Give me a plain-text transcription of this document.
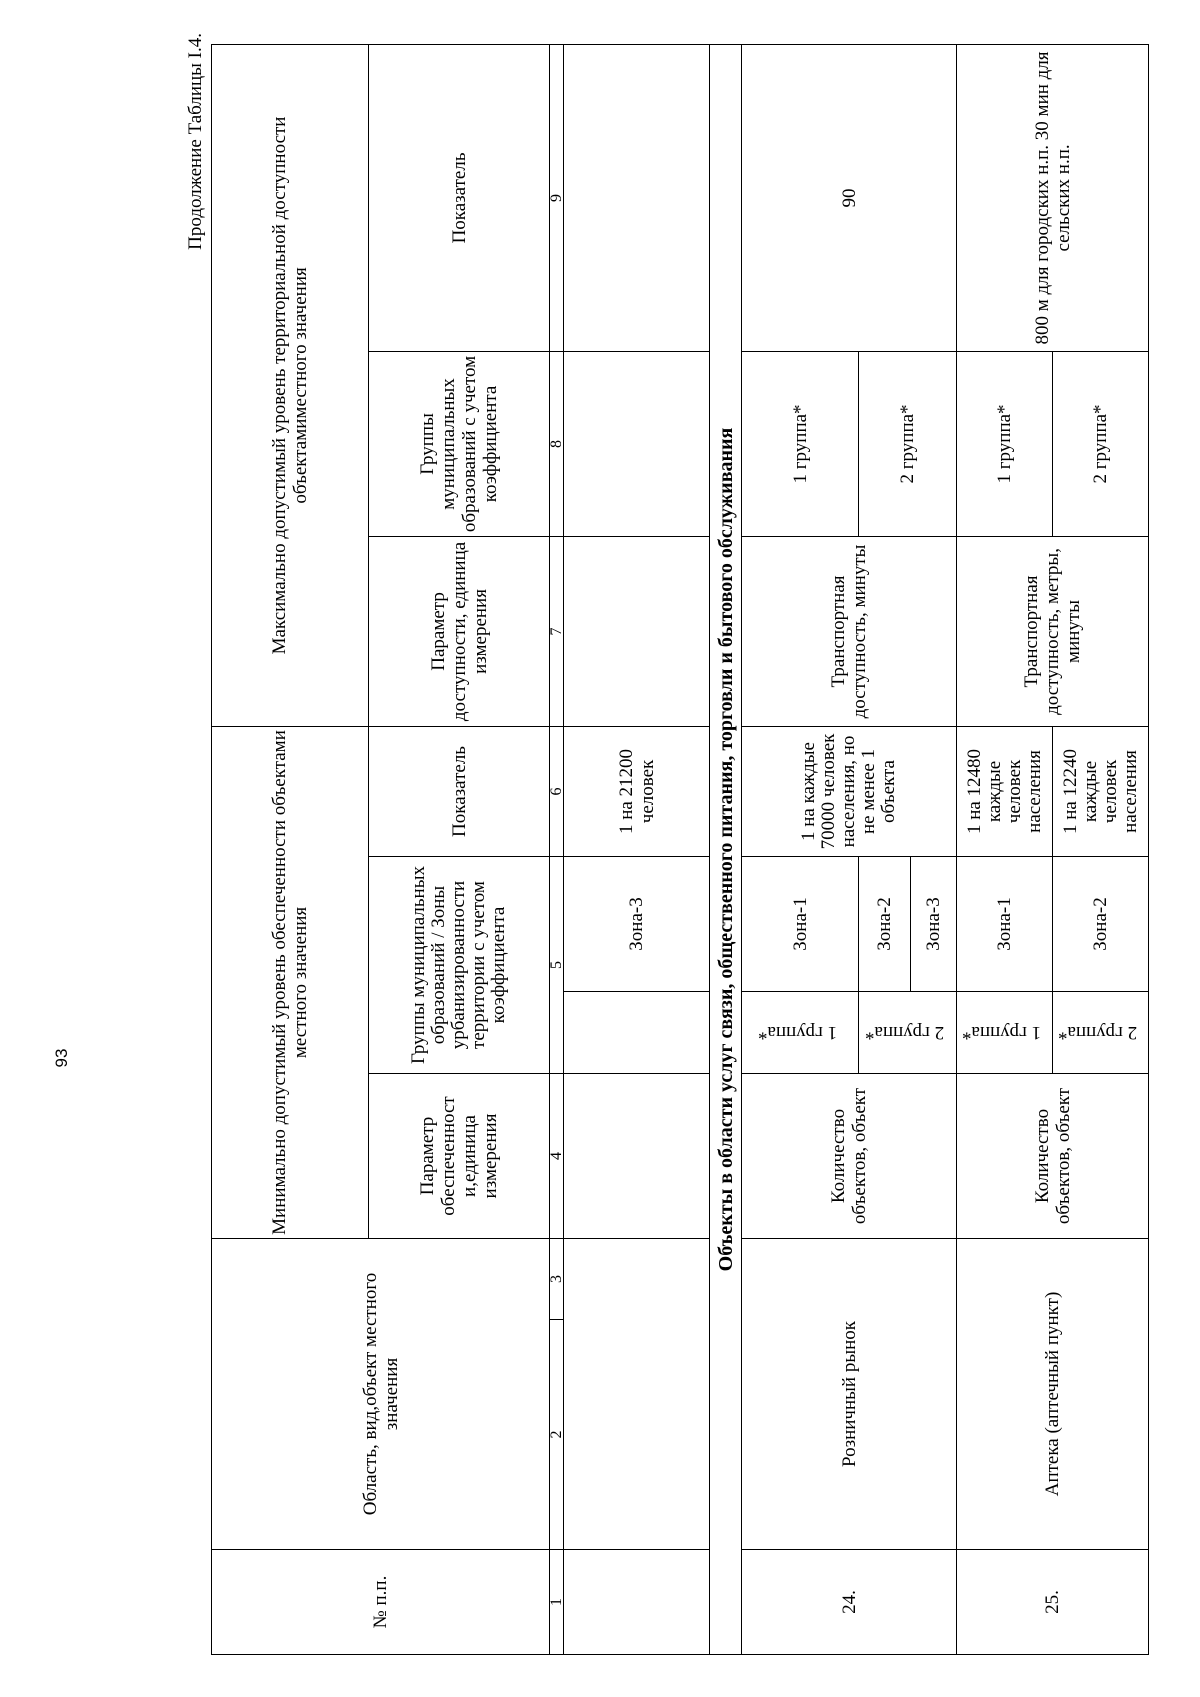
93
Продолжение Таблицы I.4.
№ п.п.	Область, вид,объект местного значения		Минимально допустимый уровень обеспеченности объектами местного значения				Максимально допустимый уровень территориальной доступности объектамиместного значения		
			Параметр обеспеченност и,единица измерения	Группы муниципальных образований / Зоны урбанизированности территории с учетом коэффициента		Показатель	Параметр доступности, единица измерения	Группы муниципальных образований с учетом коэффициента	Показатель
1	2	3	4	5		6	7	8	9
					Зона-3	1 на 21200 человек			
Объекты в области услуг связи, общественного питания, торговли и бытового обслуживания									
24.	Розничный рынок		Количество объектов, объект	1 группа*	Зона-1	1 на каждые 70000 человек населения, но не менее 1 объекта	Транспортная доступность, минуты	1 группа*	90
				2 группа*	Зона-2			2 группа*	
					Зона-3				
25.	Аптека (аптечный пункт)		Количество объектов, объект	1 группа*	Зона-1	1 на 12480 каждые человек населения	Транспортная доступность, метры, минуты	1 группа*	800 м для городских н.п. 30 мин для сельских н.п.
				2 группа*	Зона-2	1 на 12240 каждые человек населения		2 группа*	
